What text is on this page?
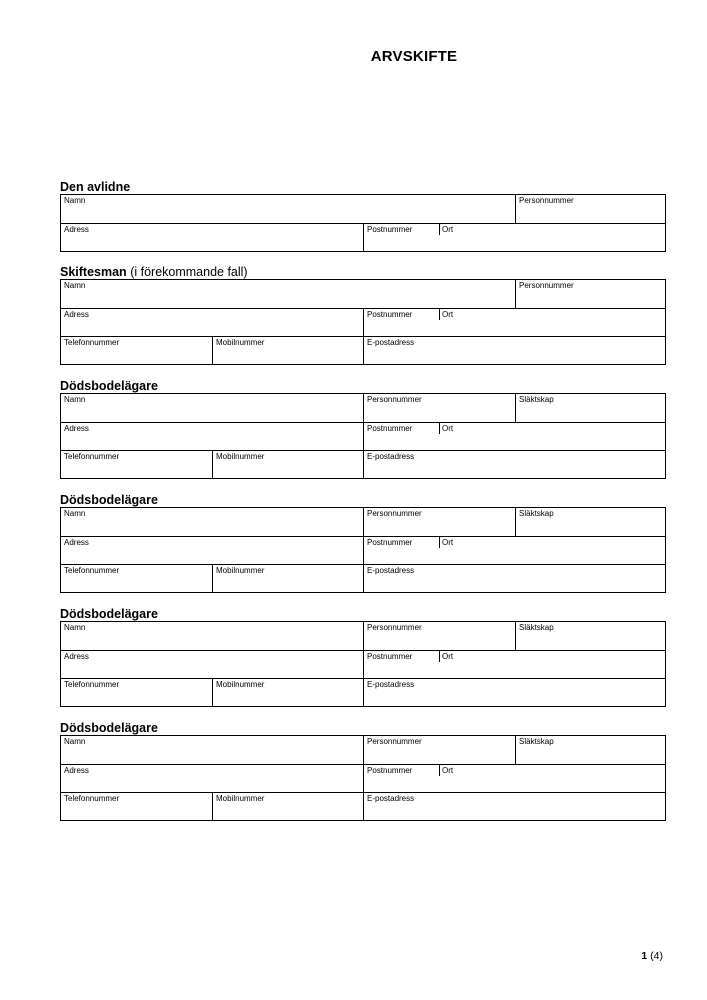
ARVSKIFTE
Den avlidne
Namn	Personnummer
Adress	Postnummer	Ort
Skiftesman (i förekommande fall)
Namn	Personnummer
Adress	Postnummer	Ort
Telefonnummer	Mobilnummer	E-postadress
Dödsbodelägare
Namn	Personnummer	Släktskap
Adress	Postnummer	Ort
Telefonnummer	Mobilnummer	E-postadress
Dödsbodelägare
Namn	Personnummer	Släktskap
Adress	Postnummer	Ort
Telefonnummer	Mobilnummer	E-postadress
Dödsbodelägare
Namn	Personnummer	Släktskap
Adress	Postnummer	Ort
Telefonnummer	Mobilnummer	E-postadress
Dödsbodelägare
Namn	Personnummer	Släktskap
Adress	Postnummer	Ort
Telefonnummer	Mobilnummer	E-postadress
1 (4)
